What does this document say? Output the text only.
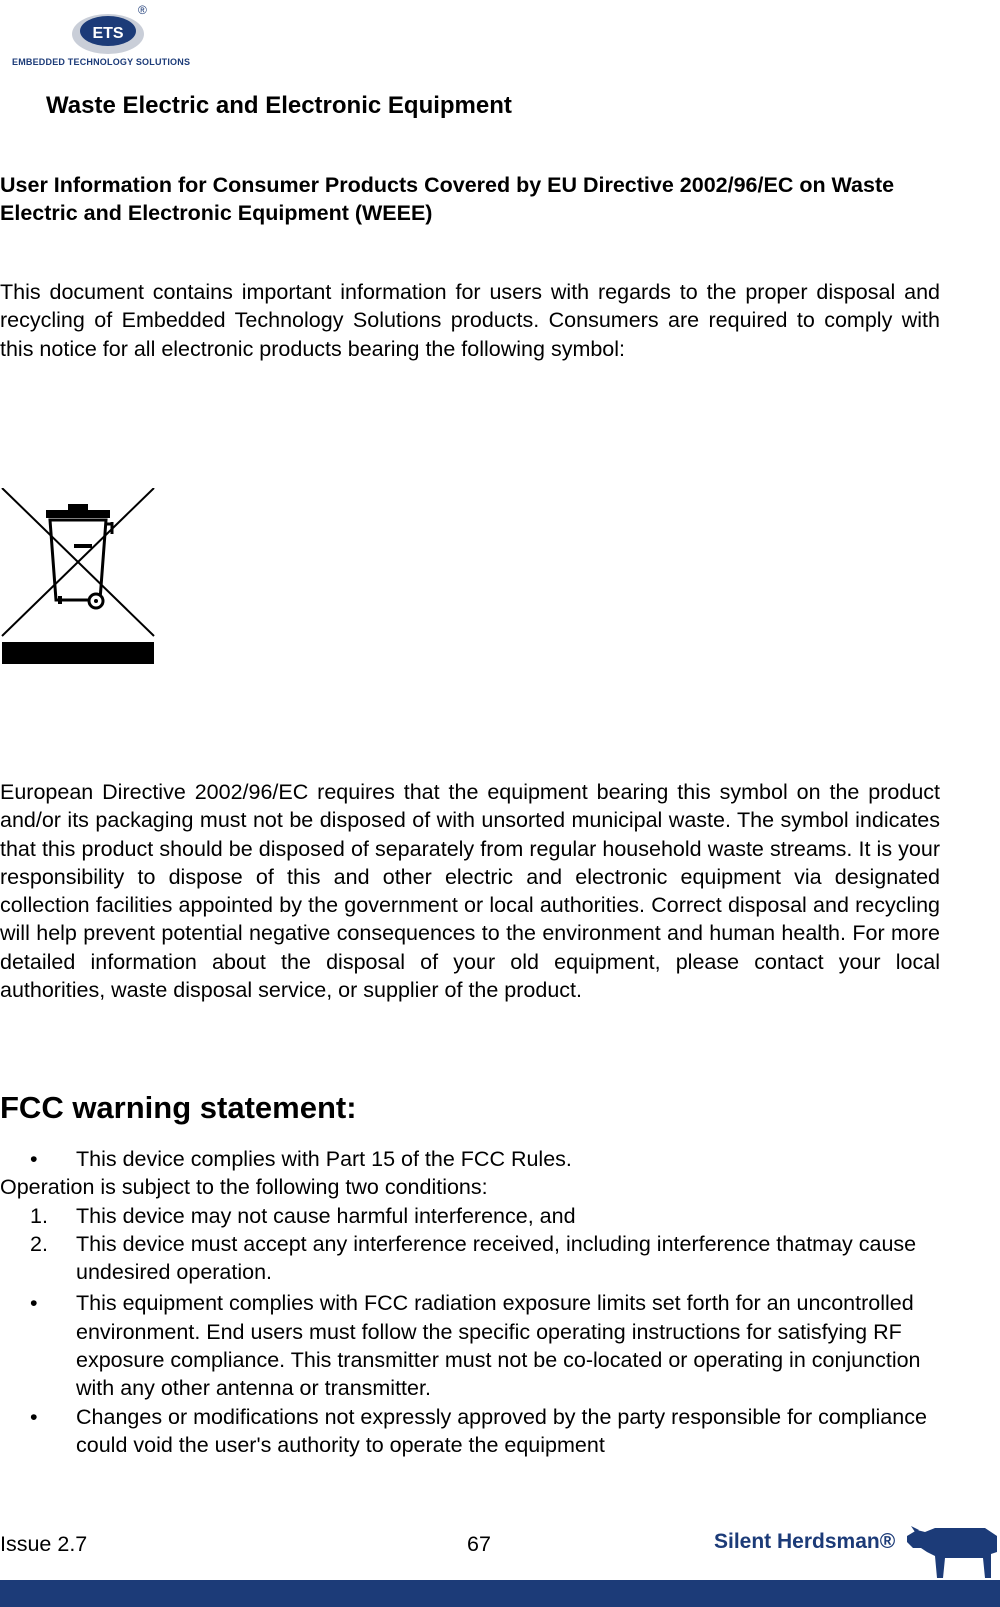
ETS
®
EMBEDDED TECHNOLOGY SOLUTIONS
Waste Electric and Electronic Equipment
User Information for Consumer Products Covered by EU Directive 2002/96/EC on Waste Electric and Electronic Equipment (WEEE)
This document contains important information for users with regards to the proper disposal and recycling of Embedded Technology Solutions products. Consumers are required to comply with this notice for all electronic products bearing the following symbol:
European Directive 2002/96/EC requires that the equipment bearing this symbol on the product and/or its packaging must not be disposed of with unsorted municipal waste. The symbol indicates that this product should be disposed of separately from regular household waste streams. It is your responsibility to dispose of this and other electric and electronic equipment via designated collection facilities appointed by the government or local authorities. Correct disposal and recycling will help prevent potential negative consequences to the environment and human health. For more detailed information about the disposal of your old equipment, please contact your local authorities, waste disposal service, or supplier of the product.
FCC warning statement:
•	This device complies with Part 15 of the FCC Rules.
Operation is subject to the following two conditions:
1.	This device may not cause harmful interference, and
2.	This device must accept any interference received, including interference thatmay cause undesired operation.
•	This equipment complies with FCC radiation exposure limits set forth for an uncontrolled environment. End users must follow the specific operating instructions for satisfying RF exposure compliance. This transmitter must not be co-located or operating in conjunction with any other antenna or transmitter.
•	Changes or modifications not expressly approved by the party responsible for compliance could void the user's authority to operate the equipment
Issue 2.7	67	Silent Herdsman®
